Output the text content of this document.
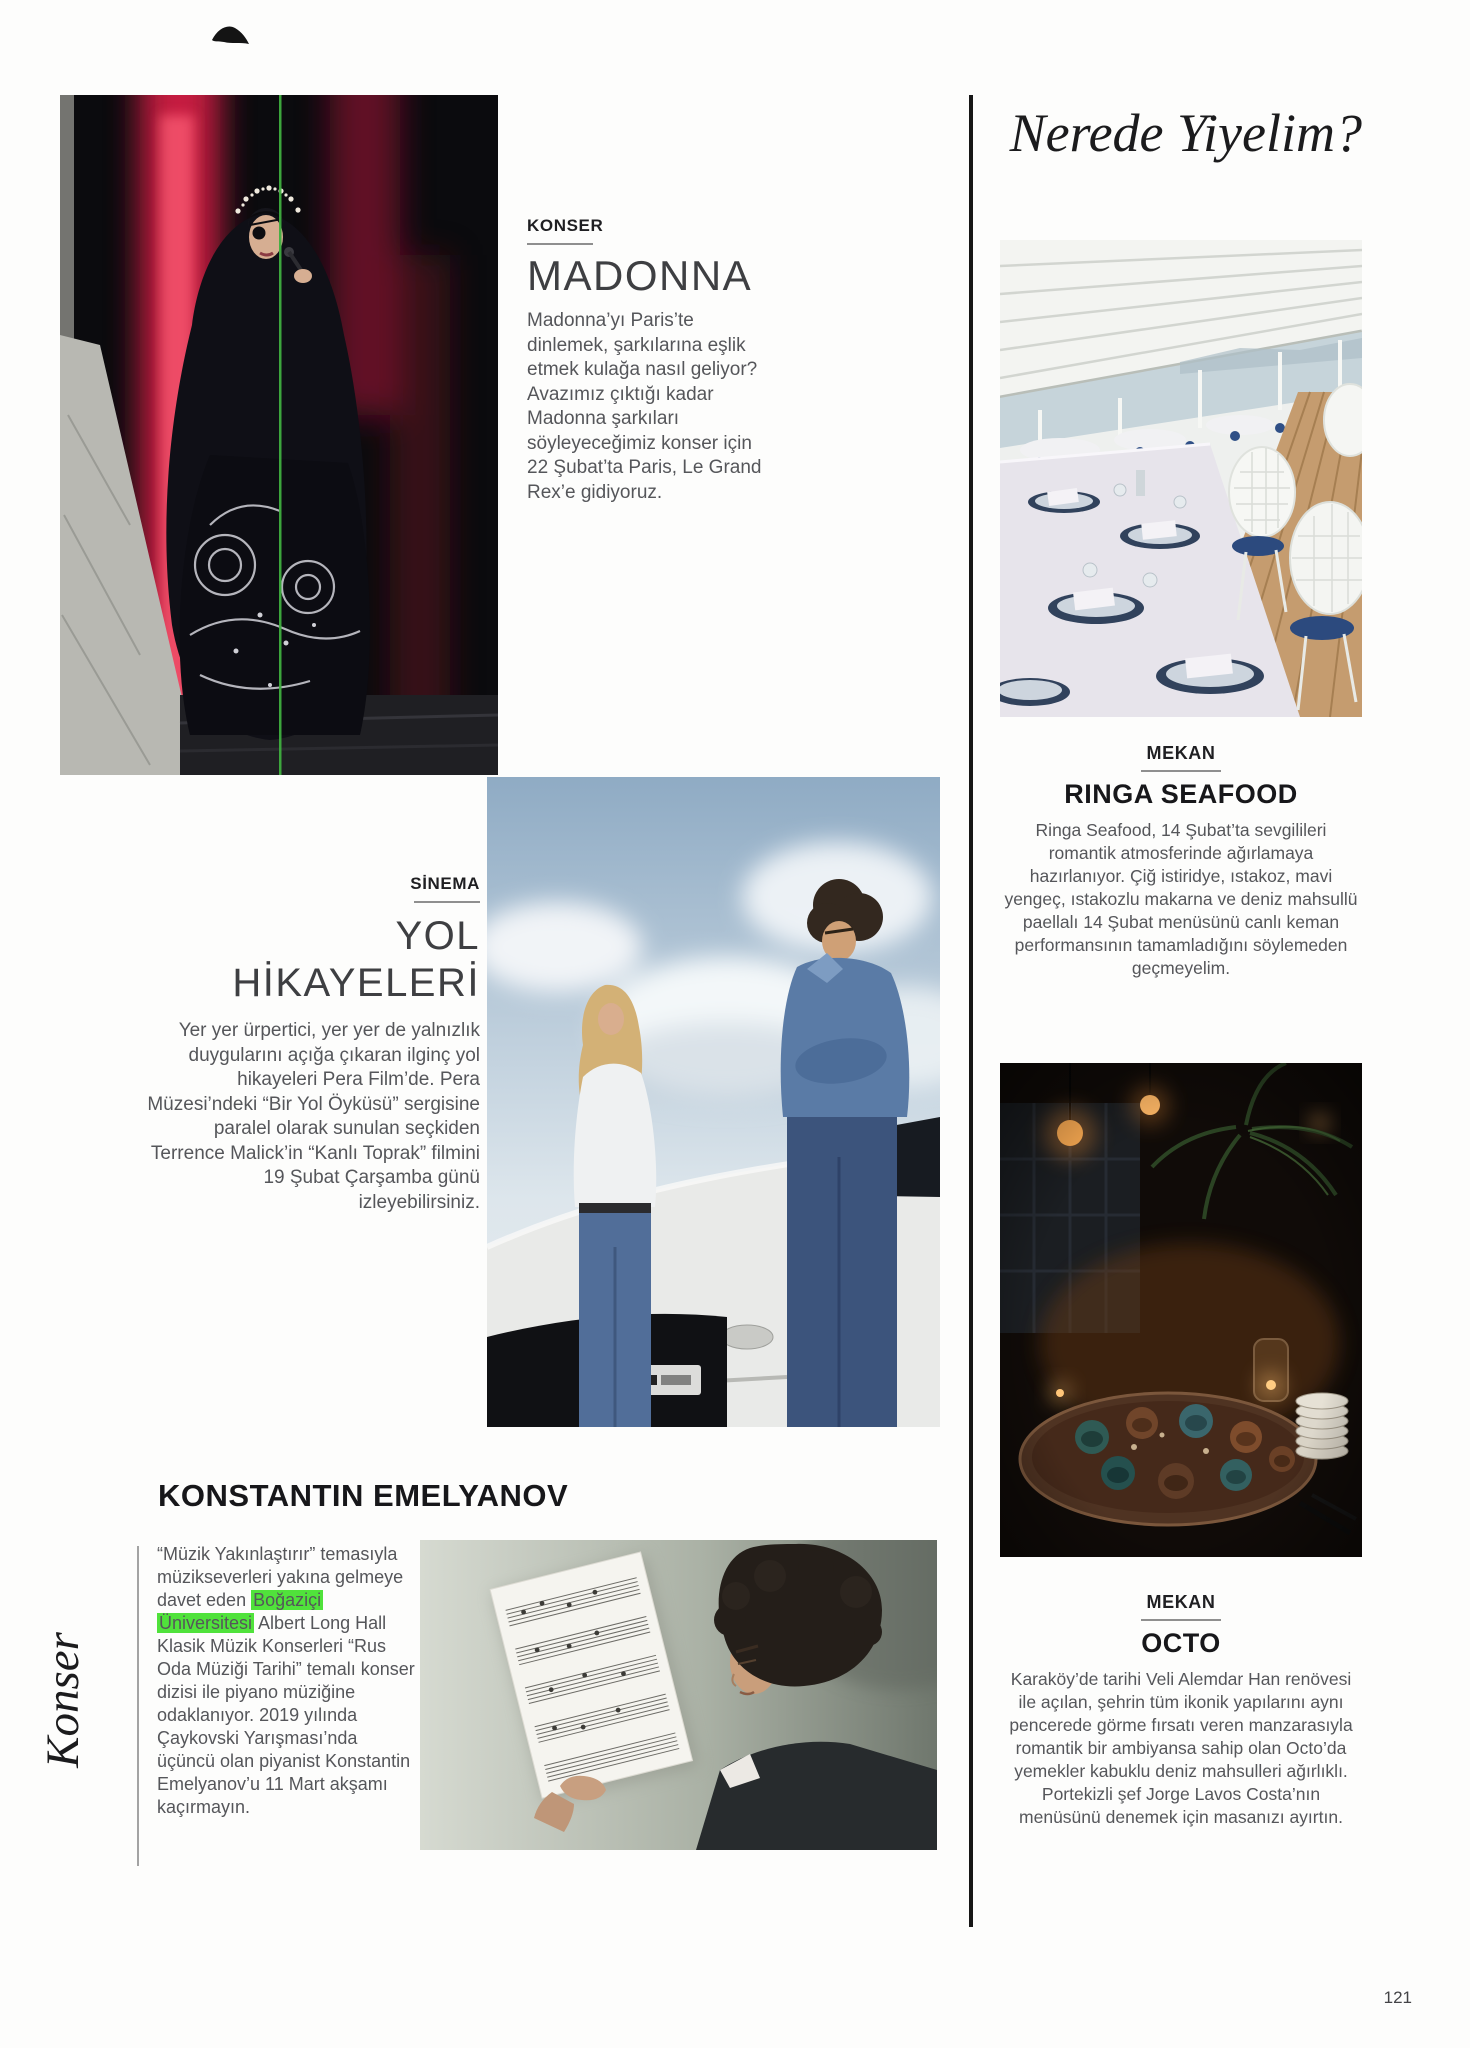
KONSER
MADONNA

Madonna’yı Paris’te dinlemek, şarkılarına eşlik etmek kulağa nasıl geliyor? Avazımız çıktığı kadar Madonna şarkıları söyleyeceğimiz konser için 22 Şubat’ta Paris, Le Grand Rex’e gidiyoruz.

Nerede Yiyelim?
MEKAN
RINGA SEAFOOD

Ringa Seafood, 14 Şubat’ta sevgilileri romantik atmosferinde ağırlamaya hazırlanıyor. Çiğ istiridye, ıstakoz, mavi yengeç, ıstakozlu makarna ve deniz mahsullü paellalı 14 Şubat menüsünü canlı keman performansının tamamladığını söylemeden geçmeyelim.

SİNEMA
YOL HİKAYELERİ

Yer yer ürpertici, yer yer de yalnızlık duygularını açığa çıkaran ilginç yol hikayeleri Pera Film’de. Pera Müzesi’ndeki “Bir Yol Öyküsü” sergisine paralel olarak sunulan seçkiden Terrence Malick’in “Kanlı Toprak” filmini 19 Şubat Çarşamba günü izleyebilirsiniz.

MEKAN
OCTO

Karaköy’de tarihi Veli Alemdar Han renövesi ile açılan, şehrin tüm ikonik yapılarını aynı pencerede görme fırsatı veren manzarasıyla romantik bir ambiyansa sahip olan Octo’da yemekler kabuklu deniz mahsulleri ağırlıklı. Portekizli şef Jorge Lavos Costa’nın menüsünü denemek için masanızı ayırtın.

KONSTANTIN EMELYANOV
Konser

“Müzik Yakınlaştırır” temasıyla müzikseverleri yakına gelmeye davet eden Boğaziçi Üniversitesi Albert Long Hall Klasik Müzik Konserleri “Rus Oda Müziği Tarihi” temalı konser dizisi ile piyano müziğine odaklanıyor. 2019 yılında Çaykovski Yarışması’nda üçüncü olan piyanist Konstantin Emelyanov’u 11 Mart akşamı kaçırmayın.

121
